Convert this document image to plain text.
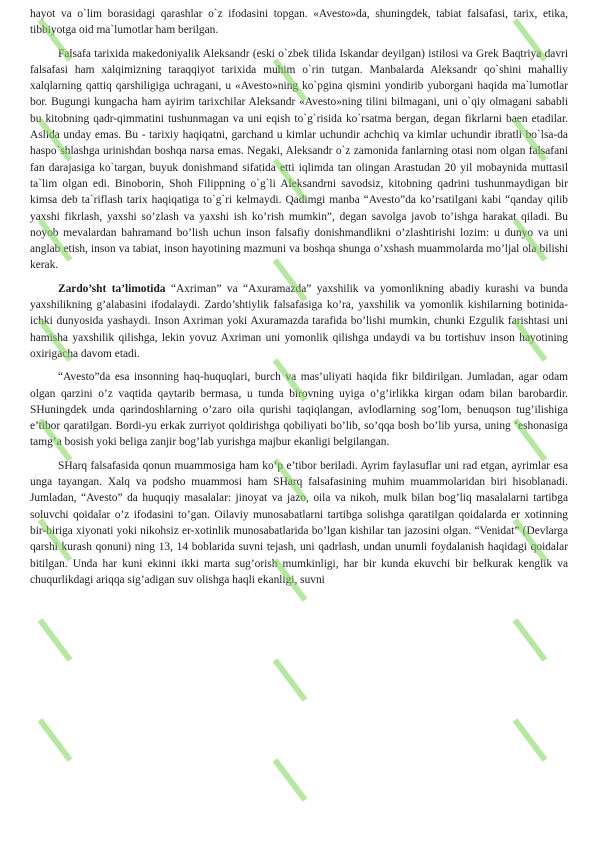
hayot va o`lim borasidagi qarashlar o`z ifodasini topgan. «Avesto»da, shuningdek, tabiat falsafasi, tarix, etika, tibbiyotga oid ma`lumotlar ham berilgan.

Falsafa tarixida makedoniyalik Aleksandr (eski o`zbek tilida Iskandar deyilgan) istilosi va Grek Baqtriya davri falsafasi ham xalqimizning taraqqiyot tarixida muhim o`rin tutgan. Manbalarda Aleksandr qo`shini mahalliy xalqlarning qattiq qarshiligiga uchragani, u «Avesto»ning ko`pgina qismini yondirib yuborgani haqida ma`lumotlar bor. Bugungi kungacha ham ayirim tarixchilar Aleksandr «Avesto»ning tilini bilmagani, uni o`qiy olmagani sababli bu kitobning qadr-qimmatini tushunmagan va uni eqish to`g`risida ko`rsatma bergan, degan fikrlarni baen etadilar. Aslida unday emas. Bu - tarixiy haqiqatni, garchand u kimlar uchundir achchiq va kimlar uchundir ibratli bo`lsa-da haspo`shlashga urinishdan boshqa narsa emas. Negaki, Aleksandr o`z zamonida fanlarning otasi nom olgan falsafani fan darajasiga ko`targan, buyuk donishmand sifatida etti iqlimda tan olingan Arastudan 20 yil mobaynida muttasil ta`lim olgan edi. Binoborin, Shoh Filippning o`g`li Aleksandrni savodsiz, kitobning qadrini tushunmaydigan bir kimsa deb ta`riflash tarix haqiqatiga to`g`ri kelmaydi. Qadimgi manba “Avesto”da ko’rsatilgani kabi “qanday qilib yaxshi fikrlash, yaxshi so’zlash va yaxshi ish ko’rish mumkin”, degan savolga javob to’ishga harakat qiladi. Bu noyob mevalardan bahramand bo’lish uchun inson falsafiy donishmandlikni o’zlashtirishi lozim: u dunyo va uni anglab etish, inson va tabiat, inson hayotining mazmuni va boshqa shunga o’xshash muammolarda mo’ljal ola bilishi kerak.

Zardo’sht ta’limotida “Axriman” va “Axuramazda” yaxshilik va yomonlikning abadiy kurashi va bunda yaxshilikning g’alabasini ifodalaydi. Zardo’shtiylik falsafasiga ko’ra, yaxshilik va yomonlik kishilarning botinida-ichki dunyosida yashaydi. Inson Axriman yoki Axuramazda tarafida bo’lishi mumkin, chunki Ezgulik farishtasi uni hamisha yaxshilik qilishga, lekin yovuz Axriman uni yomonlik qilishga undaydi va bu tortishuv inson hayotining oxirigacha davom etadi.

“Avesto”da esa insonning haq-huquqlari, burch va mas’uliyati haqida fikr bildirilgan. Jumladan, agar odam olgan qarzini o’z vaqtida qaytarib bermasa, u tunda birovning uyiga o’g’irlikka kirgan odam bilan barobardir. SHuningdek unda qarindoshlarning o’zaro oila qurishi taqiqlangan, avlodlarning sog’lom, benuqson tug’ilishiga e’tibor qaratilgan. Bordi-yu erkak zurriyot qoldirishga qobiliyati bo’lib, so’qqa bosh bo’lib yursa, uning ‘eshonasiga tamg’a bosish yoki beliga zanjir bog’lab yurishga majbur ekanligi belgilangan.

SHarq falsafasida qonun muammosiga ham ko’p e’tibor beriladi. Ayrim faylasuflar uni rad etgan, ayrimlar esa unga tayangan. Xalq va podsho muammosi ham SHarq falsafasining muhim muammolaridan biri hisoblanadi. Jumladan, “Avesto” da huquqiy masalalar: jinoyat va jazo, oila va nikoh, mulk bilan bog’liq masalalarni tartibga soluvchi qoidalar o’z ifodasini to’gan. Oilaviy munosabatlarni tartibga solishga qaratilgan qoidalarda er xotinning bir-biriga xiyonati yoki nikohsiz er-xotinlik munosabatlarida bo’lgan kishilar tan jazosini olgan. “Venidat” (Devlarga qarshi kurash qonuni) ning 13, 14 boblarida suvni tejash, uni qadrlash, undan unumli foydalanish haqidagi qoidalar bitilgan. Unda har kuni ekinni ikki marta sug’orish mumkinligi, har bir kunda ekuvchi bir belkurak kenglik va chuqurlikdagi ariqqa sig’adigan suv olishga haqli ekanligi, suvni
